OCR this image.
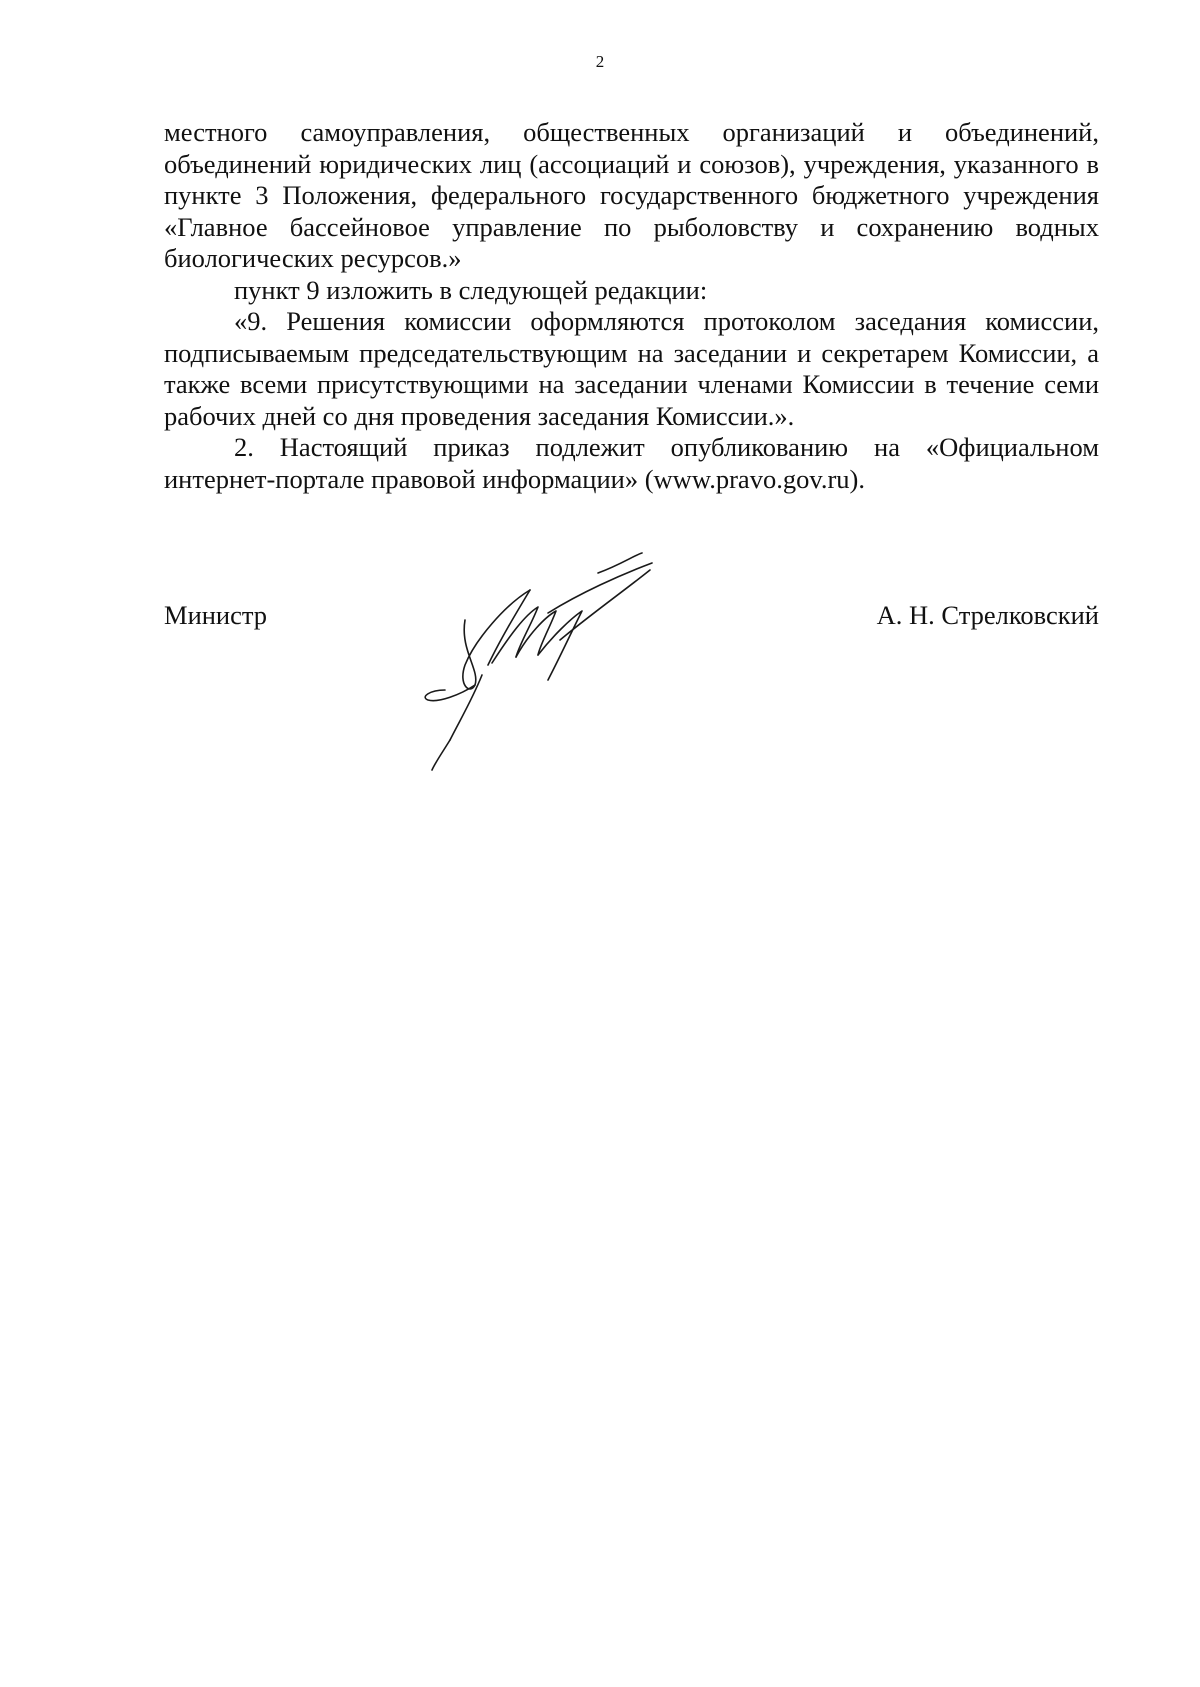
2

местного самоуправления, общественных организаций и объединений, объединений юридических лиц (ассоциаций и союзов), учреждения, указанного в пункте 3 Положения, федерального государственного бюджетного учреждения «Главное бассейновое управление по рыболовству и сохранению водных биологических ресурсов.»

пункт 9 изложить в следующей редакции:

«9. Решения комиссии оформляются протоколом заседания комиссии, подписываемым председательствующим на заседании и секретарем Комиссии, а также всеми присутствующими на заседании членами Комиссии в течение семи рабочих дней со дня проведения заседания Комиссии.».

2. Настоящий приказ подлежит опубликованию на «Официальном интернет-портале правовой информации» (www.pravo.gov.ru).

Министр	А. Н. Стрелковский
